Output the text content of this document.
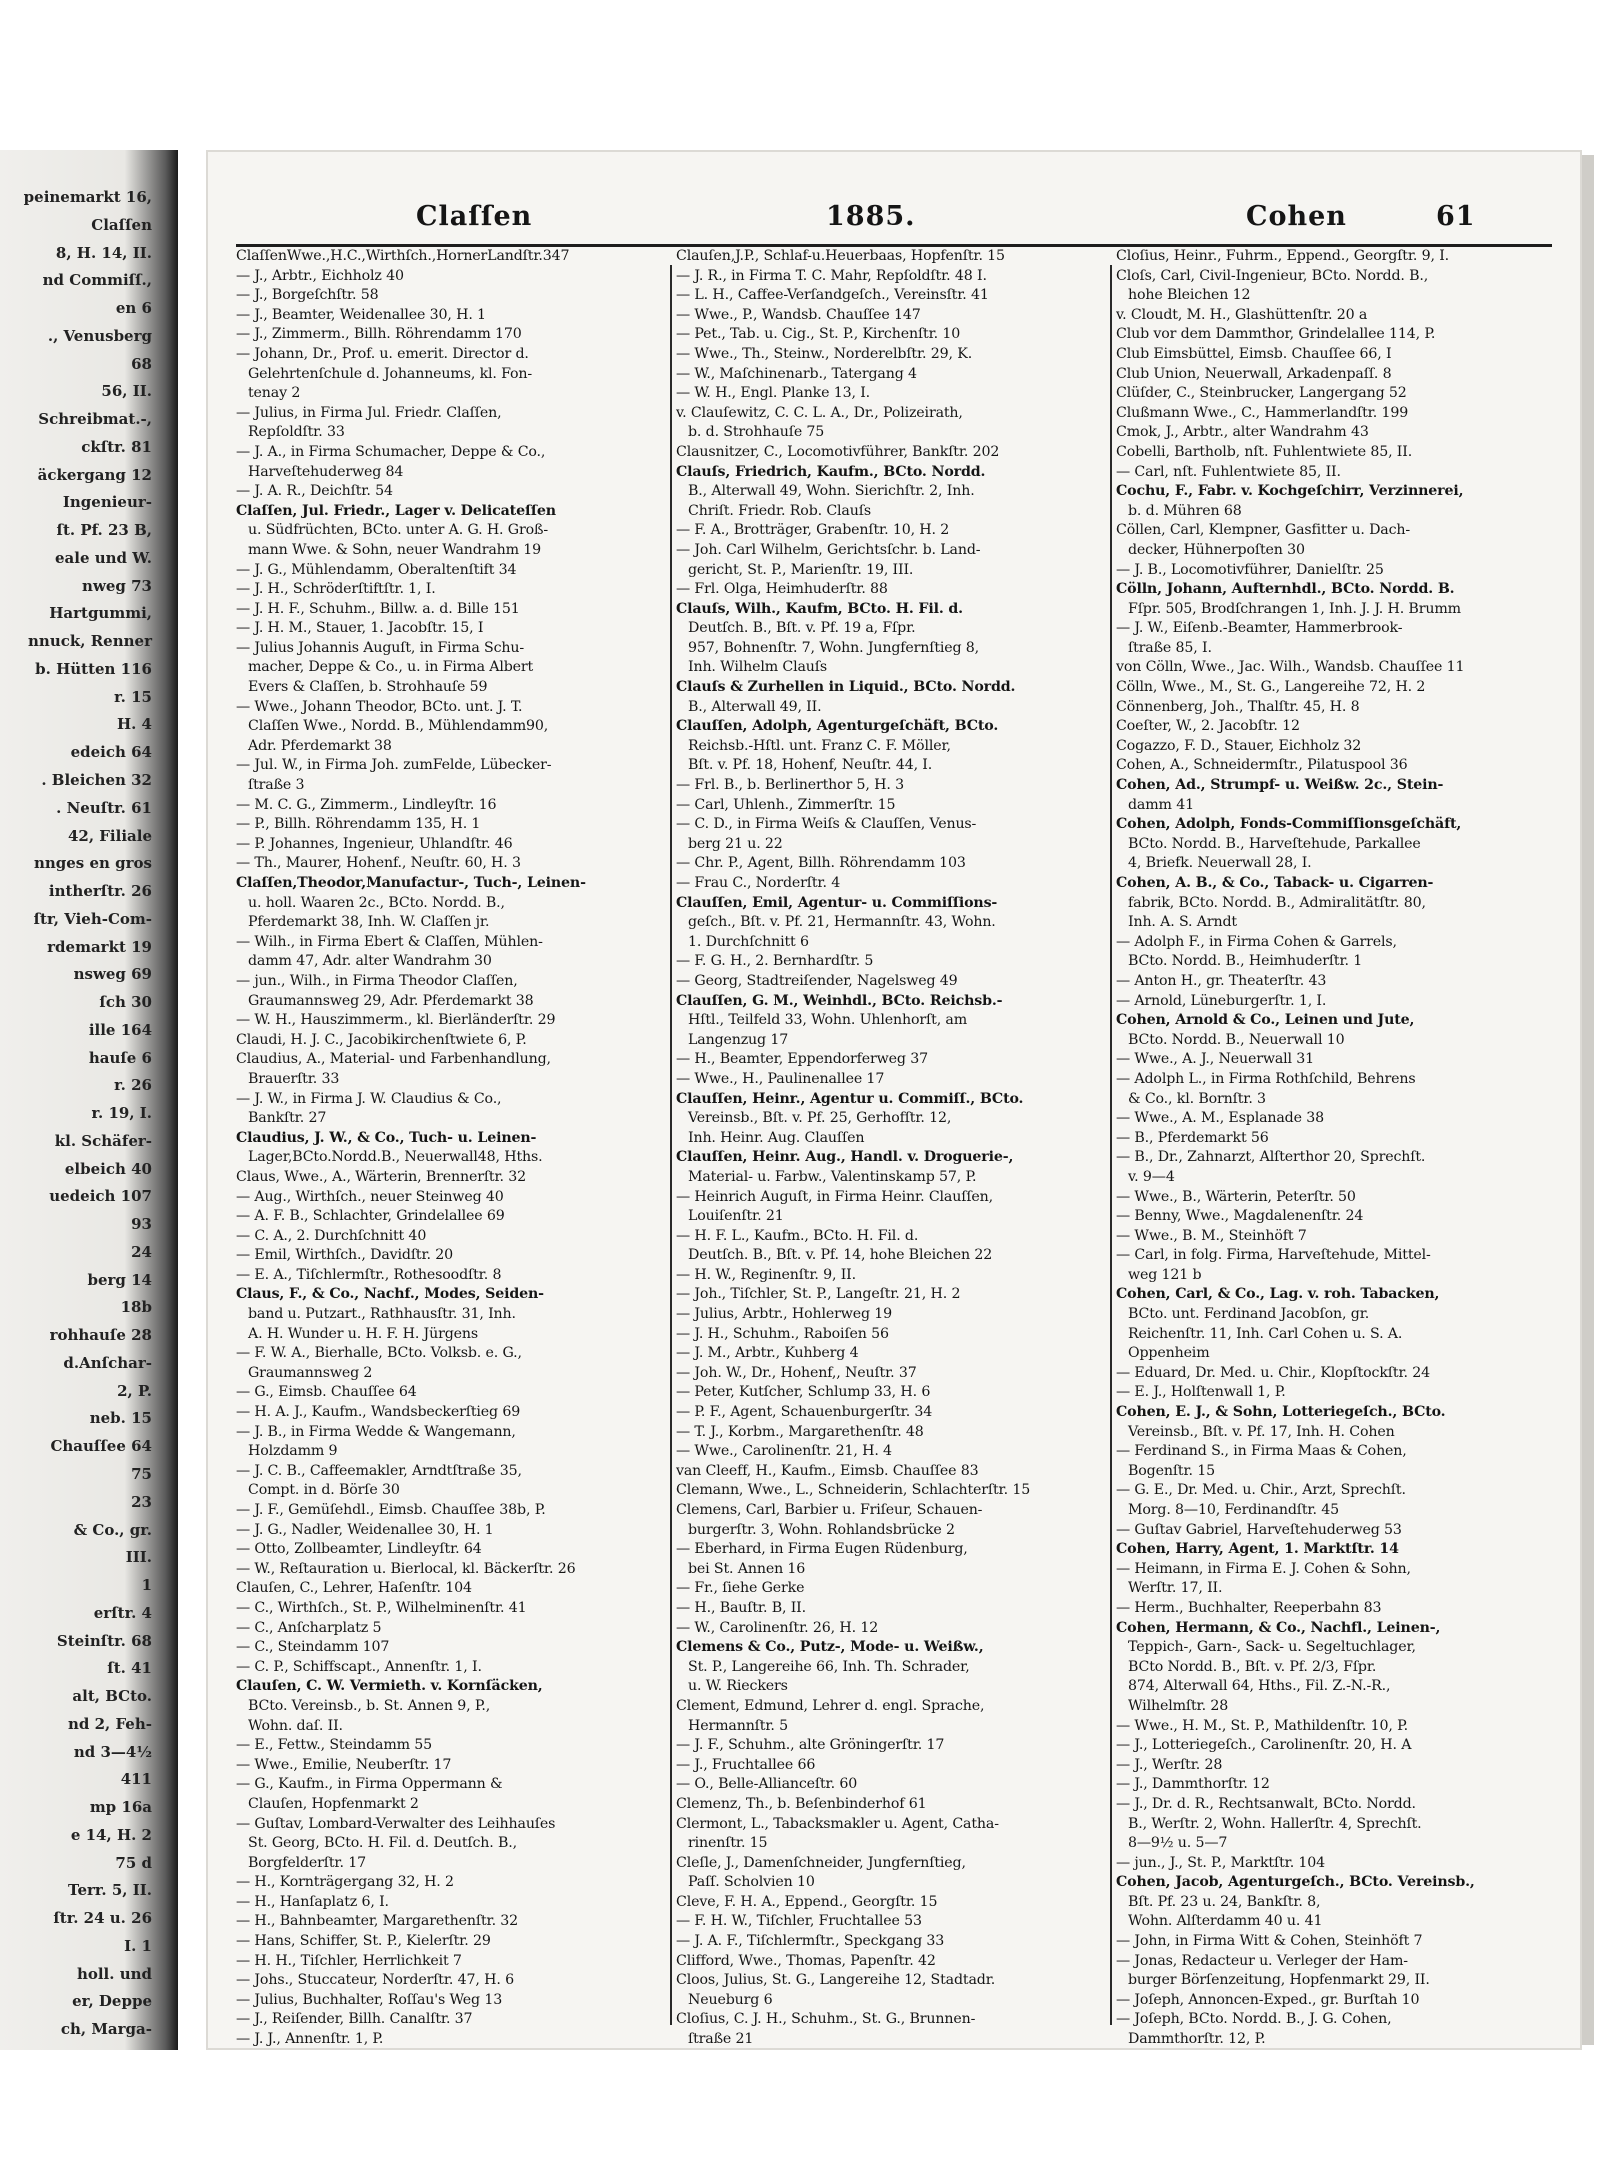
peinemarkt 16,
Claſſen
8, H. 14, II.
nd Commiſſ.,
en 6
., Venusberg
68
56, II.
Schreibmat.-,
ckſtr. 81
äckergang 12
Ingenieur-
ſt. Pf. 23 B,
eale und W.
nweg 73
Hartgummi,
nnuck, Renner
b. Hütten 116
r. 15
H. 4
edeich 64
. Bleichen 32
. Neuſtr. 61
42, Filiale
nnges en gros
intherſtr. 26
ſtr, Vieh-Com-
rdemarkt 19
nsweg 69
ſch 30
ille 164
hauſe 6
r. 26
r. 19, I.
kl. Schäfer-
elbeich 40
uedeich 107
93
24
berg 14
18b
rohhauſe 28
d.Anſchar-
2, P.
neb. 15
Chauſſee 64
75
23
& Co., gr.
III.
1
erſtr. 4
Steinſtr. 68
ſt. 41
alt, BCto.
nd 2, Feh-
nd 3—4½
411
mp 16a
e 14, H. 2
75 d
Terr. 5, II.
ſtr. 24 u. 26
I. 1
holl. und
er, Deppe
ch, Marga-
Claſſen	1885.	Cohen	61
ClaſſenWwe.,H.C.,Wirthſch.,HornerLandſtr.347
— J., Arbtr., Eichholz 40
— J., Borgeſchſtr. 58
— J., Beamter, Weidenallee 30, H. 1
— J., Zimmerm., Billh. Röhrendamm 170
— Johann, Dr., Prof. u. emerit. Director d.
Gelehrtenſchule d. Johanneums, kl. Fon-
tenay 2
— Julius, in Firma Jul. Friedr. Claſſen,
Repſoldſtr. 33
— J. A., in Firma Schumacher, Deppe & Co.,
Harveſtehuderweg 84
— J. A. R., Deichſtr. 54
Claſſen, Jul. Friedr., Lager v. Delicateſſen
u. Südfrüchten, BCto. unter A. G. H. Groß-
mann Wwe. & Sohn, neuer Wandrahm 19
— J. G., Mühlendamm, Oberaltenſtift 34
— J. H., Schröderſtiftſtr. 1, I.
— J. H. F., Schuhm., Billw. a. d. Bille 151
— J. H. M., Stauer, 1. Jacobſtr. 15, I
— Julius Johannis Auguſt, in Firma Schu-
macher, Deppe & Co., u. in Firma Albert
Evers & Claſſen, b. Strohhauſe 59
— Wwe., Johann Theodor, BCto. unt. J. T.
Claſſen Wwe., Nordd. B., Mühlendamm90,
Adr. Pferdemarkt 38
— Jul. W., in Firma Joh. zumFelde, Lübecker-
ſtraße 3
— M. C. G., Zimmerm., Lindleyſtr. 16
— P., Billh. Röhrendamm 135, H. 1
— P. Johannes, Ingenieur, Uhlandſtr. 46
— Th., Maurer, Hohenf., Neuſtr. 60, H. 3
Claſſen,Theodor,Manufactur-, Tuch-, Leinen-
u. holl. Waaren 2c., BCto. Nordd. B.,
Pferdemarkt 38, Inh. W. Claſſen jr.
— Wilh., in Firma Ebert & Claſſen, Mühlen-
damm 47, Adr. alter Wandrahm 30
— jun., Wilh., in Firma Theodor Claſſen,
Graumannsweg 29, Adr. Pferdemarkt 38
— W. H., Hauszimmerm., kl. Bierländerſtr. 29
Claudi, H. J. C., Jacobikirchenſtwiete 6, P.
Claudius, A., Material- und Farbenhandlung,
Brauerſtr. 33
— J. W., in Firma J. W. Claudius & Co.,
Bankſtr. 27
Claudius, J. W., & Co., Tuch- u. Leinen-
Lager,BCto.Nordd.B., Neuerwall48, Hths.
Claus, Wwe., A., Wärterin, Brennerſtr. 32
— Aug., Wirthſch., neuer Steinweg 40
— A. F. B., Schlachter, Grindelallee 69
— C. A., 2. Durchſchnitt 40
— Emil, Wirthſch., Davidſtr. 20
— E. A., Tiſchlermſtr., Rothesoodſtr. 8
Claus, F., & Co., Nachf., Modes, Seiden-
band u. Putzart., Rathhausſtr. 31, Inh.
A. H. Wunder u. H. F. H. Jürgens
— F. W. A., Bierhalle, BCto. Volksb. e. G.,
Graumannsweg 2
— G., Eimsb. Chauſſee 64
— H. A. J., Kaufm., Wandsbeckerſtieg 69
— J. B., in Firma Wedde & Wangemann,
Holzdamm 9
— J. C. B., Caffeemakler, Arndtſtraße 35,
Compt. in d. Börſe 30
— J. F., Gemüſehdl., Eimsb. Chauſſee 38b, P.
— J. G., Nadler, Weidenallee 30, H. 1
— Otto, Zollbeamter, Lindleyſtr. 64
— W., Reſtauration u. Bierlocal, kl. Bäckerſtr. 26
Clauſen, C., Lehrer, Haſenſtr. 104
— C., Wirthſch., St. P., Wilhelminenſtr. 41
— C., Anſcharplatz 5
— C., Steindamm 107
— C. P., Schiffscapt., Annenſtr. 1, I.
Clauſen, C. W. Vermieth. v. Kornſäcken,
BCto. Vereinsb., b. St. Annen 9, P.,
Wohn. daſ. II.
— E., Fettw., Steindamm 55
— Wwe., Emilie, Neuberſtr. 17
— G., Kaufm., in Firma Oppermann &
Clauſen, Hopfenmarkt 2
— Guſtav, Lombard-Verwalter des Leihhauſes
St. Georg, BCto. H. Fil. d. Deutſch. B.,
Borgfelderſtr. 17
— H., Kornträgergang 32, H. 2
— H., Hanſaplatz 6, I.
— H., Bahnbeamter, Margarethenſtr. 32
— Hans, Schiffer, St. P., Kielerſtr. 29
— H. H., Tiſchler, Herrlichkeit 7
— Johs., Stuccateur, Norderſtr. 47, H. 6
— Julius, Buchhalter, Roſſau's Weg 13
— J., Reiſender, Billh. Canalſtr. 37
— J. J., Annenſtr. 1, P.
Clauſen,J.P., Schlaf-u.Heuerbaas, Hopfenſtr. 15
— J. R., in Firma T. C. Mahr, Repſoldſtr. 48 I.
— L. H., Caffee-Verſandgeſch., Vereinsſtr. 41
— Wwe., P., Wandsb. Chauſſee 147
— Pet., Tab. u. Cig., St. P., Kirchenſtr. 10
— Wwe., Th., Steinw., Norderelbſtr. 29, K.
— W., Maſchinenarb., Tatergang 4
— W. H., Engl. Planke 13, I.
v. Clauſewitz, C. C. L. A., Dr., Polizeirath,
b. d. Strohhauſe 75
Clausnitzer, C., Locomotivführer, Bankſtr. 202
Clauſs, Friedrich, Kaufm., BCto. Nordd.
B., Alterwall 49, Wohn. Sierichſtr. 2, Inh.
Chriſt. Friedr. Rob. Clauſs
— F. A., Brotträger, Grabenſtr. 10, H. 2
— Joh. Carl Wilhelm, Gerichtsſchr. b. Land-
gericht, St. P., Marienſtr. 19, III.
— Frl. Olga, Heimhuderſtr. 88
Clauſs, Wilh., Kaufm, BCto. H. Fil. d.
Deutſch. B., Bſt. v. Pf. 19 a, Fſpr.
957, Bohnenſtr. 7, Wohn. Jungfernſtieg 8,
Inh. Wilhelm Clauſs
Clauſs & Zurhellen in Liquid., BCto. Nordd.
B., Alterwall 49, II.
Clauſſen, Adolph, Agenturgeſchäft, BCto.
Reichsb.-Hſtl. unt. Franz C. F. Möller,
Bſt. v. Pf. 18, Hohenf, Neuſtr. 44, I.
— Frl. B., b. Berlinerthor 5, H. 3
— Carl, Uhlenh., Zimmerſtr. 15
— C. D., in Firma Weiſs & Clauſſen, Venus-
berg 21 u. 22
— Chr. P., Agent, Billh. Röhrendamm 103
— Frau C., Norderſtr. 4
Clauſſen, Emil, Agentur- u. Commiſſions-
geſch., Bſt. v. Pf. 21, Hermannſtr. 43, Wohn.
1. Durchſchnitt 6
— F. G. H., 2. Bernhardſtr. 5
— Georg, Stadtreiſender, Nagelsweg 49
Clauſſen, G. M., Weinhdl., BCto. Reichsb.-
Hſtl., Teilfeld 33, Wohn. Uhlenhorſt, am
Langenzug 17
— H., Beamter, Eppendorferweg 37
— Wwe., H., Paulinenallee 17
Clauſſen, Heinr., Agentur u. Commiſſ., BCto.
Vereinsb., Bſt. v. Pf. 25, Gerhofſtr. 12,
Inh. Heinr. Aug. Clauſſen
Clauſſen, Heinr. Aug., Handl. v. Droguerie-,
Material- u. Farbw., Valentinskamp 57, P.
— Heinrich Auguſt, in Firma Heinr. Clauſſen,
Louiſenſtr. 21
— H. F. L., Kaufm., BCto. H. Fil. d.
Deutſch. B., Bſt. v. Pf. 14, hohe Bleichen 22
— H. W., Reginenſtr. 9, II.
— Joh., Tiſchler, St. P., Langeſtr. 21, H. 2
— Julius, Arbtr., Hohlerweg 19
— J. H., Schuhm., Raboiſen 56
— J. M., Arbtr., Kuhberg 4
— Joh. W., Dr., Hohenf,, Neuſtr. 37
— Peter, Kutſcher, Schlump 33, H. 6
— P. F., Agent, Schauenburgerſtr. 34
— T. J., Korbm., Margarethenſtr. 48
— Wwe., Carolinenſtr. 21, H. 4
van Cleeff, H., Kaufm., Eimsb. Chauſſee 83
Clemann, Wwe., L., Schneiderin, Schlachterſtr. 15
Clemens, Carl, Barbier u. Friſeur, Schauen-
burgerſtr. 3, Wohn. Rohlandsbrücke 2
— Eberhard, in Firma Eugen Rüdenburg,
bei St. Annen 16
— Fr., ſiehe Gerke
— H., Bauſtr. B, II.
— W., Carolinenſtr. 26, H. 12
Clemens & Co., Putz-, Mode- u. Weißw.,
St. P., Langereihe 66, Inh. Th. Schrader,
u. W. Rieckers
Clement, Edmund, Lehrer d. engl. Sprache,
Hermannſtr. 5
— J. F., Schuhm., alte Gröningerſtr. 17
— J., Fruchtallee 66
— O., Belle-Allianceſtr. 60
Clemenz, Th., b. Beſenbinderhof 61
Clermont, L., Tabacksmakler u. Agent, Catha-
rinenſtr. 15
Cleſle, J., Damenſchneider, Jungfernſtieg,
Paſſ. Scholvien 10
Cleve, F. H. A., Eppend., Georgſtr. 15
— F. H. W., Tiſchler, Fruchtallee 53
— J. A. F., Tiſchlermſtr., Speckgang 33
Clifford, Wwe., Thomas, Papenſtr. 42
Cloos, Julius, St. G., Langereihe 12, Stadtadr.
Neueburg 6
Cloſius, C. J. H., Schuhm., St. G., Brunnen-
ſtraße 21
Cloſius, Heinr., Fuhrm., Eppend., Georgſtr. 9, I.
Cloſs, Carl, Civil-Ingenieur, BCto. Nordd. B.,
hohe Bleichen 12
v. Cloudt, M. H., Glashüttenſtr. 20 a
Club vor dem Dammthor, Grindelallee 114, P.
Club Eimsbüttel, Eimsb. Chauſſee 66, I
Club Union, Neuerwall, Arkadenpaſſ. 8
Clüſder, C., Steinbrucker, Langergang 52
Clußmann Wwe., C., Hammerlandſtr. 199
Cmok, J., Arbtr., alter Wandrahm 43
Cobelli, Bartholb, nſt. Fuhlentwiete 85, II.
— Carl, nſt. Fuhlentwiete 85, II.
Cochu, F., Fabr. v. Kochgeſchirr, Verzinnerei,
b. d. Mühren 68
Cöllen, Carl, Klempner, Gasfitter u. Dach-
decker, Hühnerpoſten 30
— J. B., Locomotivführer, Danielſtr. 25
Cölln, Johann, Aufternhdl., BCto. Nordd. B.
Fſpr. 505, Brodſchrangen 1, Inh. J. J. H. Brumm
— J. W., Eiſenb.-Beamter, Hammerbrook-
ſtraße 85, I.
von Cölln, Wwe., Jac. Wilh., Wandsb. Chauſſee 11
Cölln, Wwe., M., St. G., Langereihe 72, H. 2
Cönnenberg, Joh., Thalſtr. 45, H. 8
Coeſter, W., 2. Jacobſtr. 12
Cogazzo, F. D., Stauer, Eichholz 32
Cohen, A., Schneidermſtr., Pilatuspool 36
Cohen, Ad., Strumpf- u. Weißw. 2c., Stein-
damm 41
Cohen, Adolph, Fonds-Commiſſionsgeſchäft,
BCto. Nordd. B., Harveſtehude, Parkallee
4, Briefk. Neuerwall 28, I.
Cohen, A. B., & Co., Taback- u. Cigarren-
fabrik, BCto. Nordd. B., Admiralitätſtr. 80,
Inh. A. S. Arndt
— Adolph F., in Firma Cohen & Garrels,
BCto. Nordd. B., Heimhuderſtr. 1
— Anton H., gr. Theaterſtr. 43
— Arnold, Lüneburgerſtr. 1, I.
Cohen, Arnold & Co., Leinen und Jute,
BCto. Nordd. B., Neuerwall 10
— Wwe., A. J., Neuerwall 31
— Adolph L., in Firma Rothſchild, Behrens
& Co., kl. Bornſtr. 3
— Wwe., A. M., Esplanade 38
— B., Pferdemarkt 56
— B., Dr., Zahnarzt, Alſterthor 20, Sprechſt.
v. 9—4
— Wwe., B., Wärterin, Peterſtr. 50
— Benny, Wwe., Magdalenenſtr. 24
— Wwe., B. M., Steinhöft 7
— Carl, in folg. Firma, Harveſtehude, Mittel-
weg 121 b
Cohen, Carl, & Co., Lag. v. roh. Tabacken,
BCto. unt. Ferdinand Jacobſon, gr.
Reichenſtr. 11, Inh. Carl Cohen u. S. A.
Oppenheim
— Eduard, Dr. Med. u. Chir., Klopſtockſtr. 24
— E. J., Holſtenwall 1, P.
Cohen, E. J., & Sohn, Lotteriegeſch., BCto.
Vereinsb., Bſt. v. Pf. 17, Inh. H. Cohen
— Ferdinand S., in Firma Maas & Cohen,
Bogenſtr. 15
— G. E., Dr. Med. u. Chir., Arzt, Sprechſt.
Morg. 8—10, Ferdinandſtr. 45
— Guſtav Gabriel, Harveſtehuderweg 53
Cohen, Harry, Agent, 1. Marktſtr. 14
— Heimann, in Firma E. J. Cohen & Sohn,
Werſtr. 17, II.
— Herm., Buchhalter, Reeperbahn 83
Cohen, Hermann, & Co., Nachfl., Leinen-,
Teppich-, Garn-, Sack- u. Segeltuchlager,
BCto Nordd. B., Bſt. v. Pf. 2/3, Fſpr.
874, Alterwall 64, Hths., Fil. Z.-N.-R.,
Wilhelmſtr. 28
— Wwe., H. M., St. P., Mathildenſtr. 10, P.
— J., Lotteriegeſch., Carolinenſtr. 20, H. A
— J., Werſtr. 28
— J., Dammthorſtr. 12
— J., Dr. d. R., Rechtsanwalt, BCto. Nordd.
B., Werſtr. 2, Wohn. Hallerſtr. 4, Sprechſt.
8—9½ u. 5—7
— jun., J., St. P., Marktſtr. 104
Cohen, Jacob, Agenturgeſch., BCto. Vereinsb.,
Bſt. Pf. 23 u. 24, Bankſtr. 8,
Wohn. Alſterdamm 40 u. 41
— John, in Firma Witt & Cohen, Steinhöft 7
— Jonas, Redacteur u. Verleger der Ham-
burger Börſenzeitung, Hopfenmarkt 29, II.
— Joſeph, Annoncen-Exped., gr. Burſtah 10
— Joſeph, BCto. Nordd. B., J. G. Cohen,
Dammthorſtr. 12, P.
